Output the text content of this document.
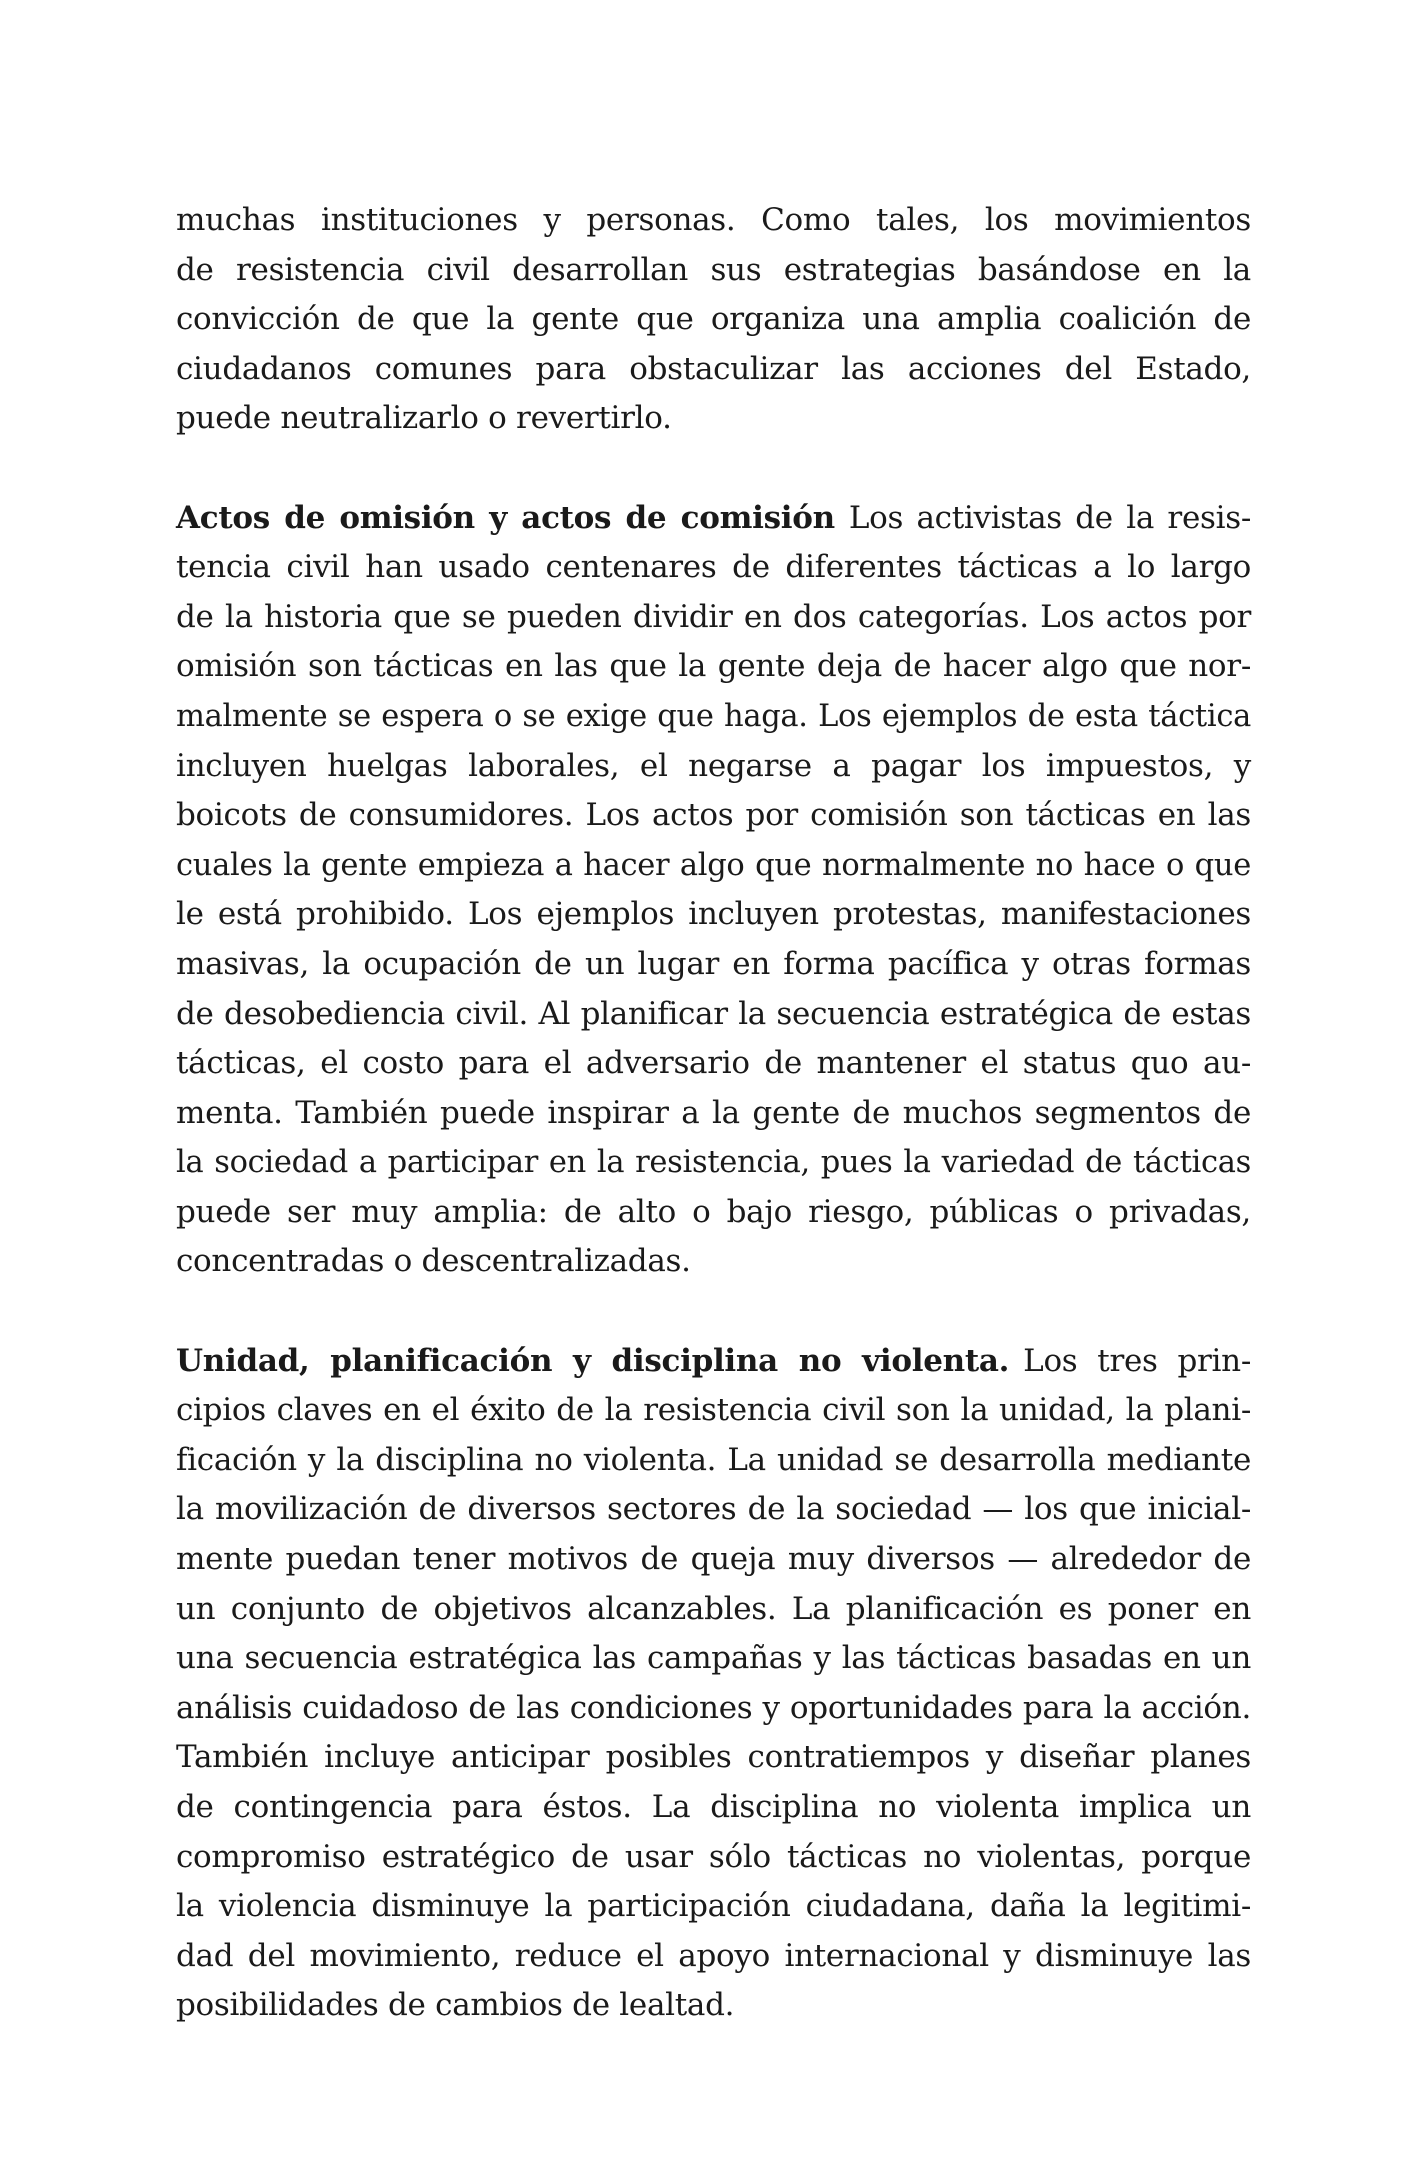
muchas instituciones y personas. Como tales, los movimientos
de resistencia civil desarrollan sus estrategias basándose en la
convicción de que la gente que organiza una amplia coalición de
ciudadanos comunes para obstaculizar las acciones del Estado,
puede neutralizarlo o revertirlo.
Actos de omisión y actos de comisión Los activistas de la resis-
tencia civil han usado centenares de diferentes tácticas a lo largo
de la historia que se pueden dividir en dos categorías. Los actos por
omisión son tácticas en las que la gente deja de hacer algo que nor-
malmente se espera o se exige que haga. Los ejemplos de esta táctica
incluyen huelgas laborales, el negarse a pagar los impuestos, y
boicots de consumidores. Los actos por comisión son tácticas en las
cuales la gente empieza a hacer algo que normalmente no hace o que
le está prohibido. Los ejemplos incluyen protestas, manifestaciones
masivas, la ocupación de un lugar en forma pacífica y otras formas
de desobediencia civil. Al planificar la secuencia estratégica de estas
tácticas, el costo para el adversario de mantener el status quo au-
menta. También puede inspirar a la gente de muchos segmentos de
la sociedad a participar en la resistencia, pues la variedad de tácticas
puede ser muy amplia: de alto o bajo riesgo, públicas o privadas,
concentradas o descentralizadas.
Unidad, planificación y disciplina no violenta. Los tres prin-
cipios claves en el éxito de la resistencia civil son la unidad, la plani-
ficación y la disciplina no violenta. La unidad se desarrolla mediante
la movilización de diversos sectores de la sociedad — los que inicial-
mente puedan tener motivos de queja muy diversos — alrededor de
un conjunto de objetivos alcanzables. La planificación es poner en
una secuencia estratégica las campañas y las tácticas basadas en un
análisis cuidadoso de las condiciones y oportunidades para la acción.
También incluye anticipar posibles contratiempos y diseñar planes
de contingencia para éstos. La disciplina no violenta implica un
compromiso estratégico de usar sólo tácticas no violentas, porque
la violencia disminuye la participación ciudadana, daña la legitimi-
dad del movimiento, reduce el apoyo internacional y disminuye las
posibilidades de cambios de lealtad.
